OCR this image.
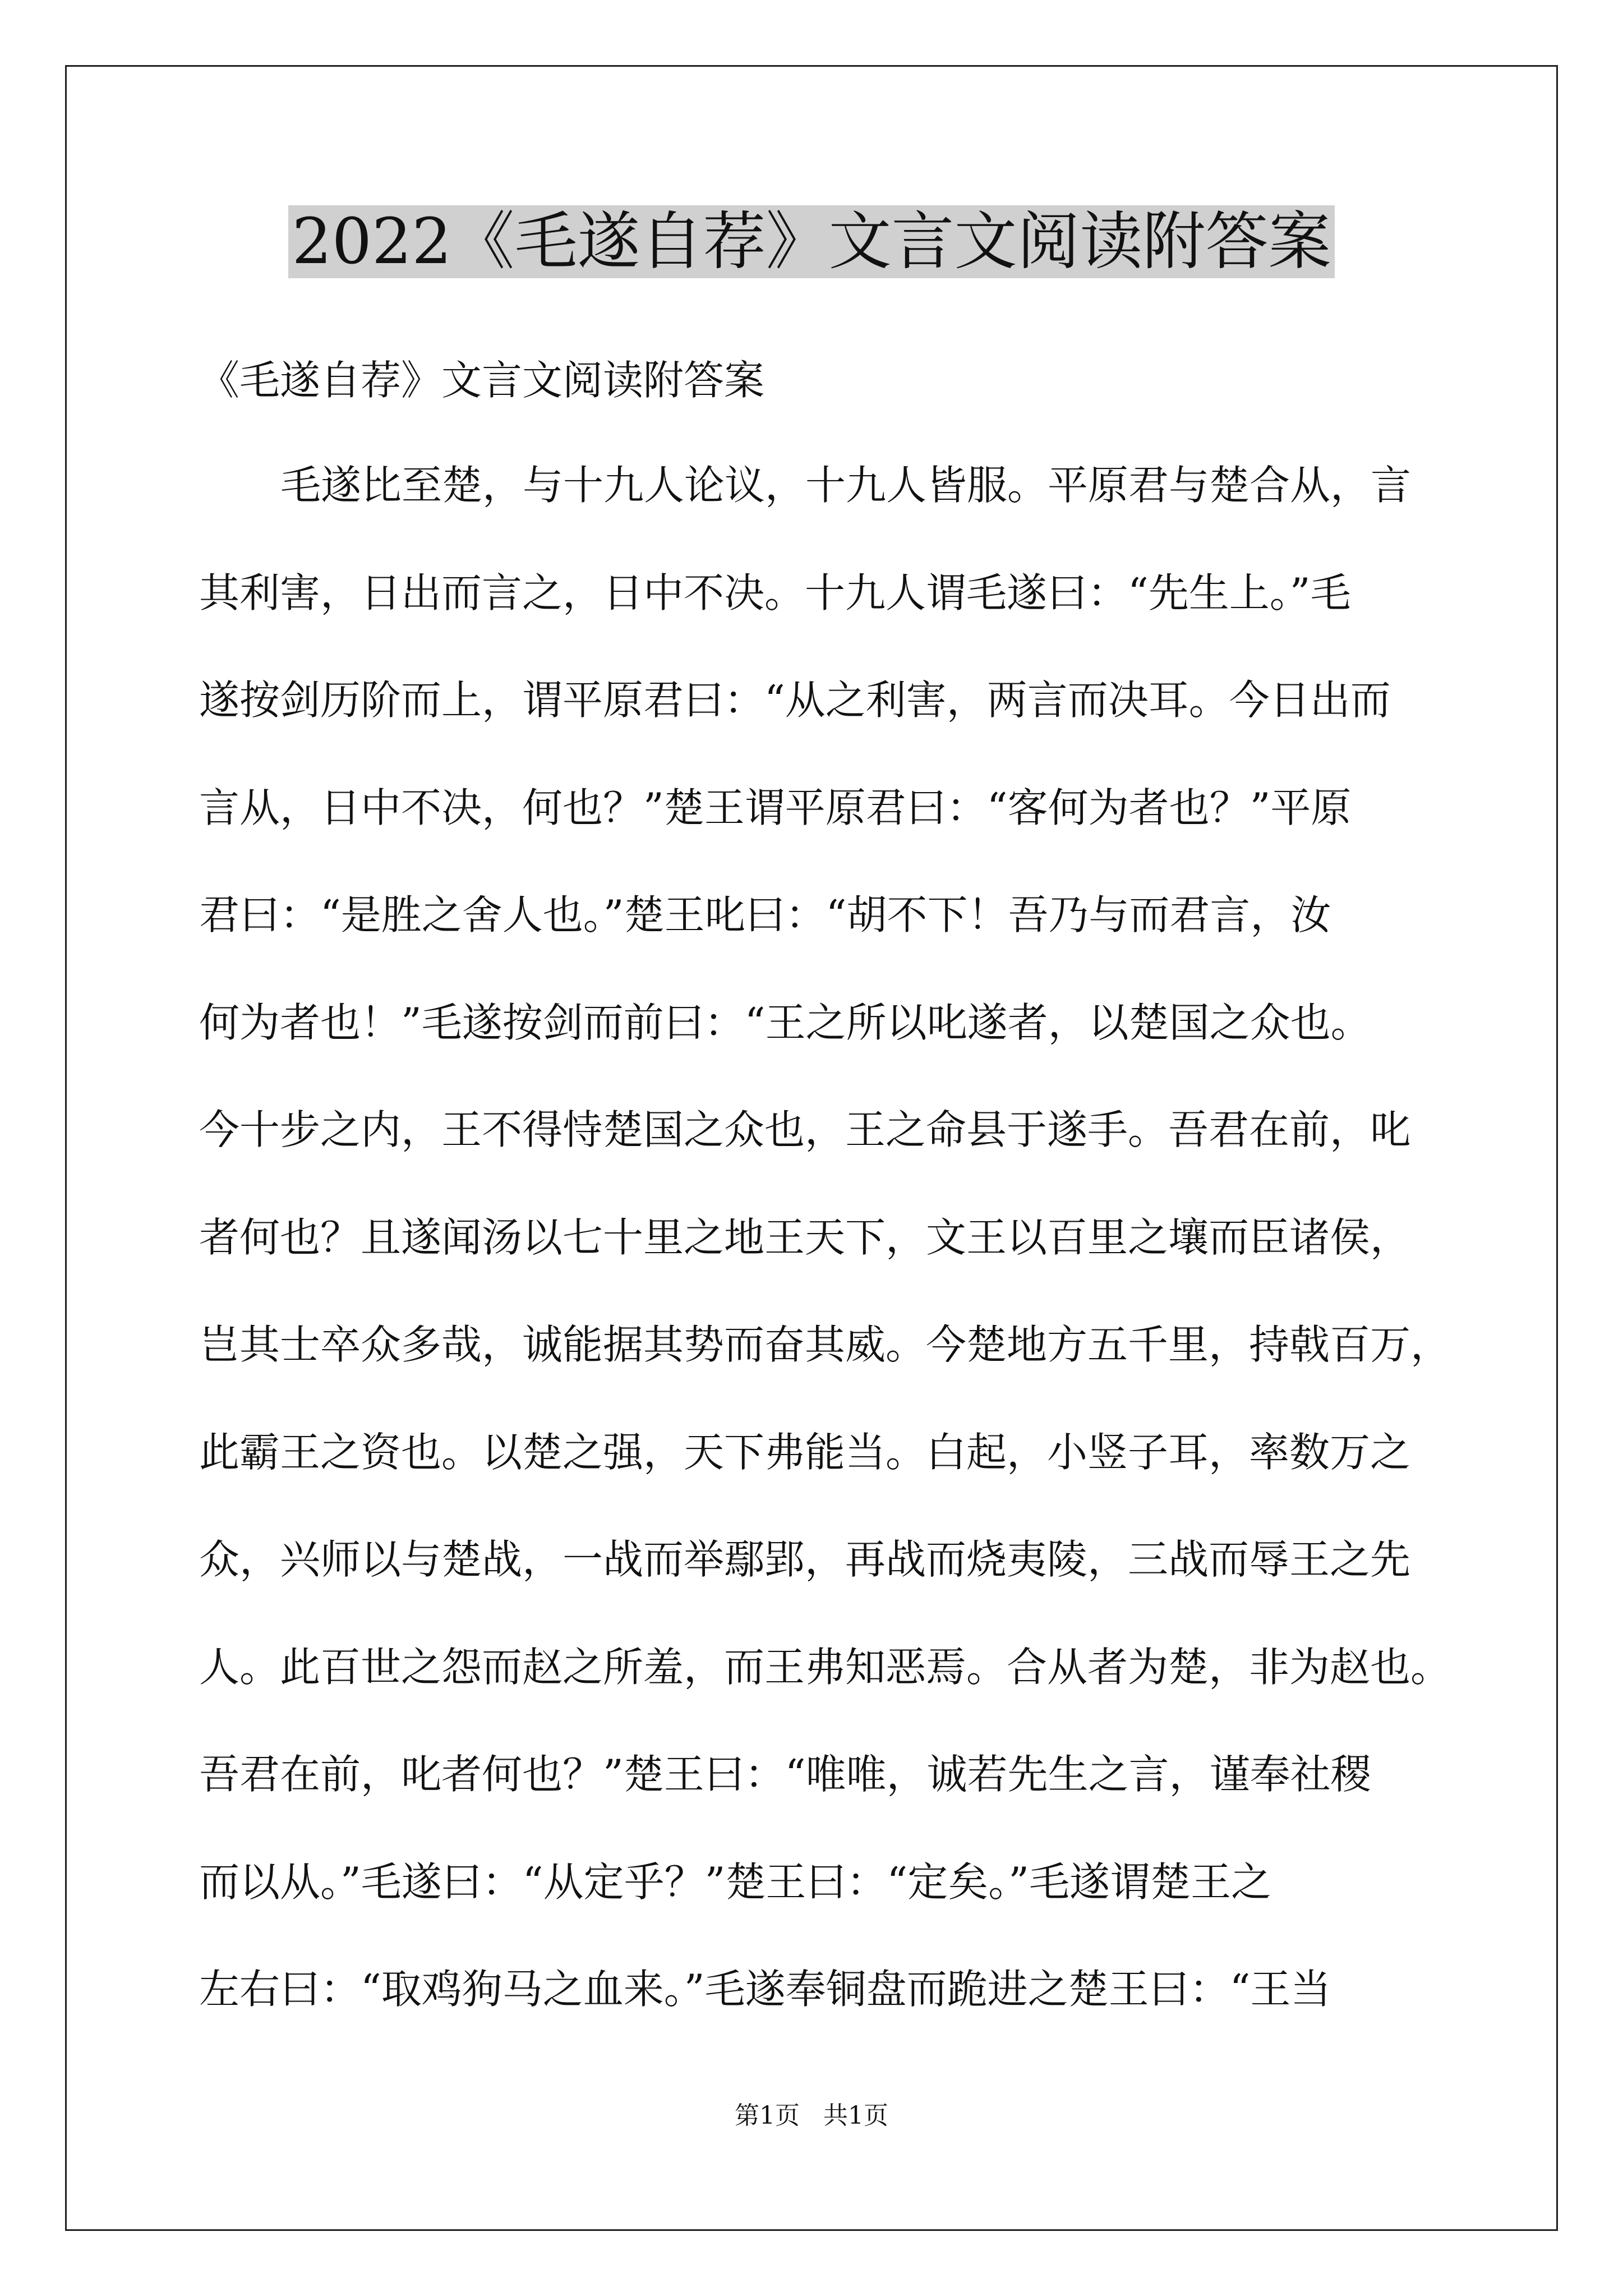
2022《毛遂自荐》文言文阅读附答案
《毛遂自荐》文言文阅读附答案
毛遂比至楚，与十九人论议，十九人皆服。平原君与楚合从，言
其利害，日出而言之，日中不决。十九人谓毛遂曰：“先生上。”毛
遂按剑历阶而上，谓平原君曰：“从之利害，两言而决耳。今日出而
言从，日中不决，何也？”楚王谓平原君曰：“客何为者也？”平原
君曰：“是胜之舍人也。”楚王叱曰：“胡不下！吾乃与而君言，汝
何为者也！”毛遂按剑而前曰：“王之所以叱遂者，以楚国之众也。
今十步之内，王不得恃楚国之众也，王之命县于遂手。吾君在前，叱
者何也？且遂闻汤以七十里之地王天下，文王以百里之壤而臣诸侯，
岂其士卒众多哉，诚能据其势而奋其威。今楚地方五千里，持戟百万，
此霸王之资也。以楚之强，天下弗能当。白起，小竖子耳，率数万之
众，兴师以与楚战，一战而举鄢郢，再战而烧夷陵，三战而辱王之先
人。此百世之怨而赵之所羞，而王弗知恶焉。合从者为楚，非为赵也。
吾君在前，叱者何也？”楚王曰：“唯唯，诚若先生之言，谨奉社稷
而以从。”毛遂曰：“从定乎？”楚王曰：“定矣。”毛遂谓楚王之
左右曰：“取鸡狗马之血来。”毛遂奉铜盘而跪进之楚王曰：“王当
第1页   共1页
